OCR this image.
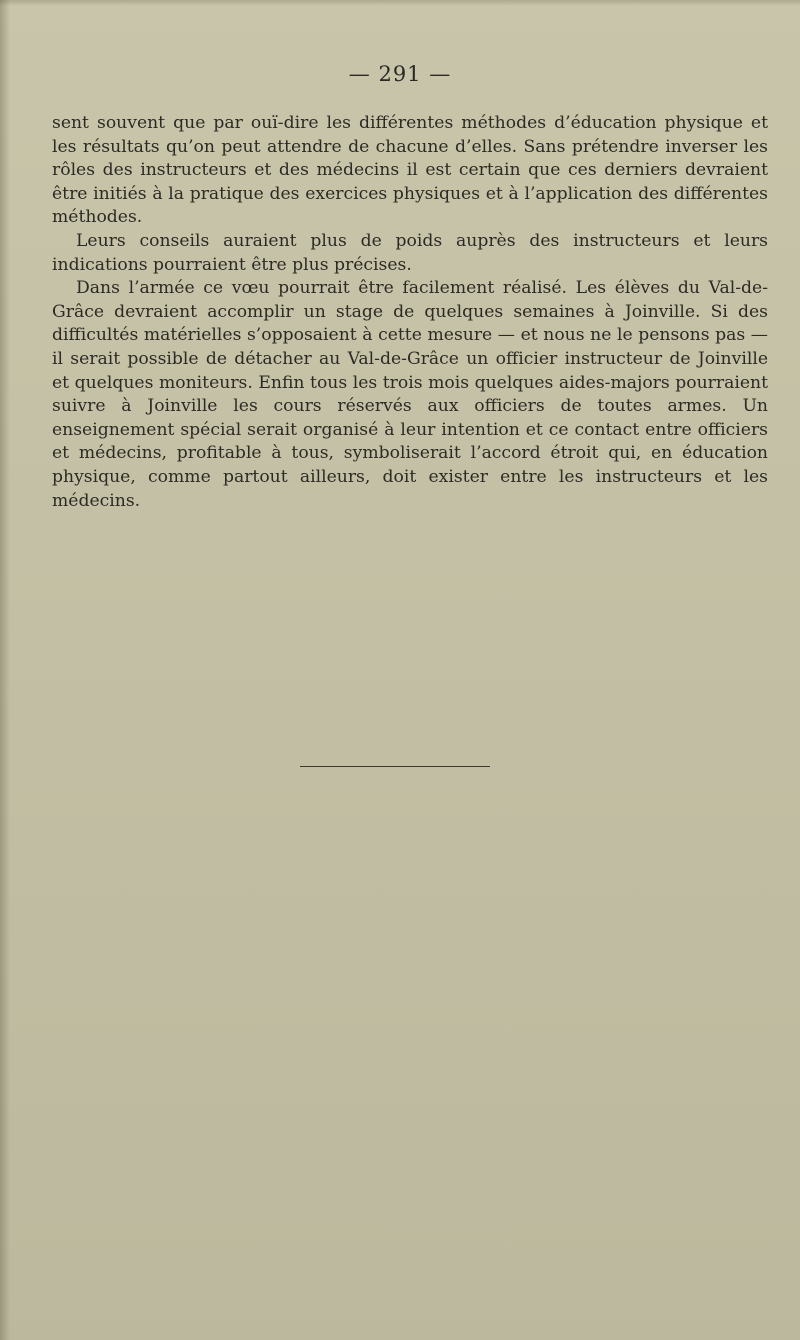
— 291 —

sent souvent que par ouï-dire les différentes méthodes d’éducation physique et les résultats qu’on peut attendre de chacune d’elles. Sans prétendre inverser les rôles des instructeurs et des médecins il est certain que ces derniers devraient être initiés à la pratique des exercices physiques et à l’application des différentes méthodes.

Leurs conseils auraient plus de poids auprès des instructeurs et leurs indications pourraient être plus précises.

Dans l’armée ce vœu pourrait être facilement réalisé. Les élèves du Val-de-Grâce devraient accomplir un stage de quelques semaines à Joinville. Si des difficultés matérielles s’opposaient à cette mesure — et nous ne le pensons pas — il serait possible de détacher au Val-de-Grâce un officier instructeur de Joinville et quelques moniteurs. Enfin tous les trois mois quelques aides-majors pourraient suivre à Joinville les cours réservés aux officiers de toutes armes. Un enseignement spécial serait organisé à leur intention et ce contact entre officiers et médecins, profitable à tous, symboliserait l’accord étroit qui, en éducation physique, comme partout ailleurs, doit exister entre les instructeurs et les médecins.
